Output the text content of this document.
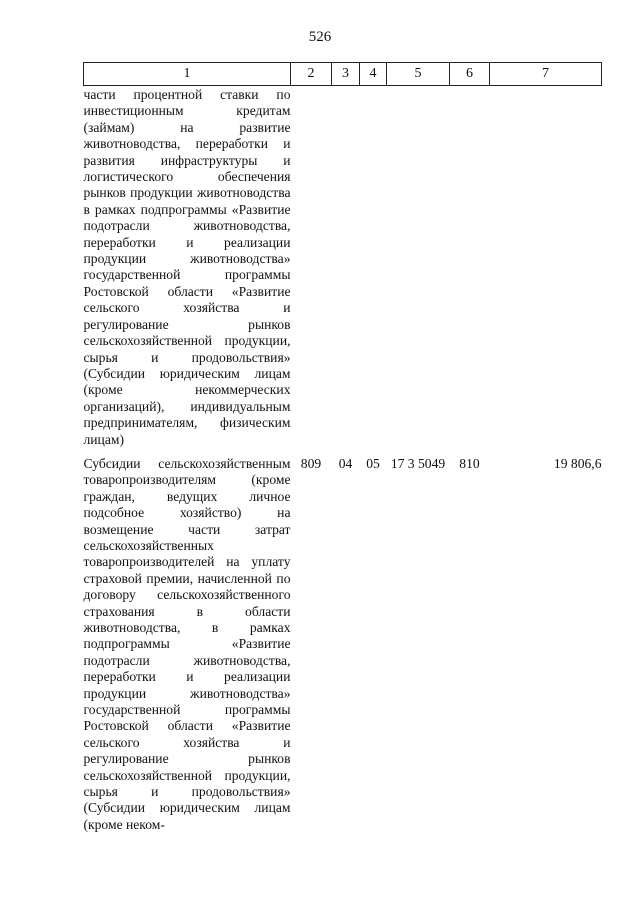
526
1	2	3	4	5	6	7
части процентной ставки по инвестиционным кредитам (займам) на развитие животноводства, переработки и развития инфраструктуры и логистического обеспечения рынков продукции животноводства в рамках подпрограммы «Развитие подотрасли животноводства, переработки и реализации продукции животноводства» государственной программы Ростовской области «Развитие сельского хозяйства и регулирование рынков сельскохозяйственной продукции, сырья и продовольствия» (Субсидии юридическим лицам (кроме некоммерческих организаций), индивидуальным предпринимателям, физическим лицам)						
Субсидии сельскохозяйственным товаропроизводителям (кроме граждан, ведущих личное подсобное хозяйство) на возмещение части затрат сельскохозяйственных товаропроизводителей на уплату страховой премии, начисленной по договору сельскохозяйственного страхования в области животноводства, в рамках подпрограммы «Развитие подотрасли животноводства, переработки и реализации продукции животноводства» государственной программы Ростовской области «Развитие сельского хозяйства и регулирование рынков сельскохозяйственной продукции, сырья и продовольствия» (Субсидии юридическим лицам (кроме неком-	809	04	05	17 3 5049	810	19 806,6
